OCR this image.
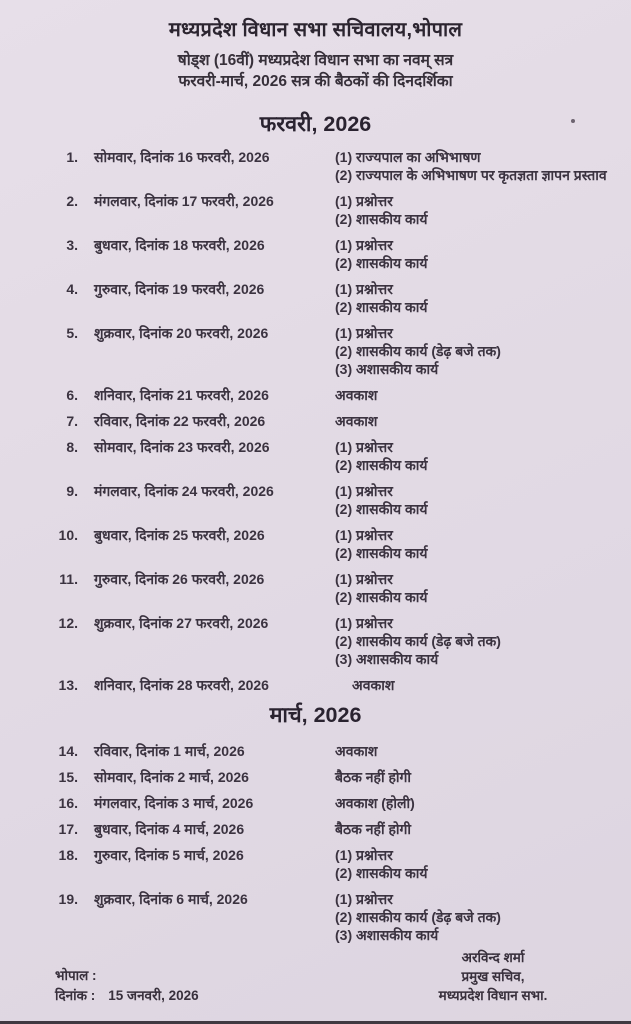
मध्यप्रदेश विधान सभा सचिवालय,भोपाल

षोड्श (16वीं) मध्यप्रदेश विधान सभा का नवम् सत्र

फरवरी-मार्च, 2026 सत्र की बैठकों की दिनदर्शिका

फरवरी, 2026
1. सोमवार, दिनांक 16 फरवरी, 2026	(1) राज्यपाल का अभिभाषण
(2) राज्यपाल के अभिभाषण पर कृतज्ञता ज्ञापन प्रस्ताव
2. मंगलवार, दिनांक 17 फरवरी, 2026	(1) प्रश्नोत्तर
(2) शासकीय कार्य
3. बुधवार, दिनांक 18 फरवरी, 2026	(1) प्रश्नोत्तर
(2) शासकीय कार्य
4. गुरुवार, दिनांक 19 फरवरी, 2026	(1) प्रश्नोत्तर
(2) शासकीय कार्य
5. शुक्रवार, दिनांक 20 फरवरी, 2026	(1) प्रश्नोत्तर
(2) शासकीय कार्य (डेढ़ बजे तक)
(3) अशासकीय कार्य
6. शनिवार, दिनांक 21 फरवरी, 2026	अवकाश
7. रविवार, दिनांक 22 फरवरी, 2026	अवकाश
8. सोमवार, दिनांक 23 फरवरी, 2026	(1) प्रश्नोत्तर
(2) शासकीय कार्य
9. मंगलवार, दिनांक 24 फरवरी, 2026	(1) प्रश्नोत्तर
(2) शासकीय कार्य
10. बुधवार, दिनांक 25 फरवरी, 2026	(1) प्रश्नोत्तर
(2) शासकीय कार्य
11. गुरुवार, दिनांक 26 फरवरी, 2026	(1) प्रश्नोत्तर
(2) शासकीय कार्य
12. शुक्रवार, दिनांक 27 फरवरी, 2026	(1) प्रश्नोत्तर
(2) शासकीय कार्य (डेढ़ बजे तक)
(3) अशासकीय कार्य
13. शनिवार, दिनांक 28 फरवरी, 2026	अवकाश
मार्च, 2026
14. रविवार, दिनांक 1 मार्च, 2026	अवकाश
15. सोमवार, दिनांक 2 मार्च, 2026	बैठक नहीं होगी
16. मंगलवार, दिनांक 3 मार्च, 2026	अवकाश (होली)
17. बुधवार, दिनांक 4 मार्च, 2026	बैठक नहीं होगी
18. गुरुवार, दिनांक 5 मार्च, 2026	(1) प्रश्नोत्तर
(2) शासकीय कार्य
19. शुक्रवार, दिनांक 6 मार्च, 2026	(1) प्रश्नोत्तर
(2) शासकीय कार्य (डेढ़ बजे तक)
(3) अशासकीय कार्य
भोपाल :
दिनांक : 15 जनवरी, 2026
अरविन्द शर्मा
प्रमुख सचिव,
मध्यप्रदेश विधान सभा.
